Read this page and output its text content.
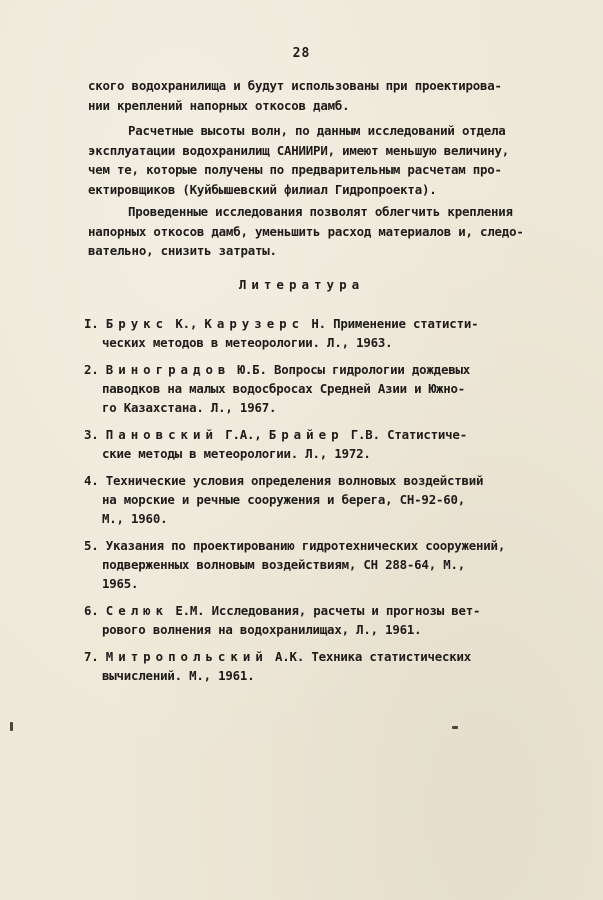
28
ского водохранилища и будут использованы при проектирова-
нии креплений напорных откосов дамб.
Расчетные высоты волн, по данным исследований отдела
эксплуатации водохранилищ САНИИРИ, имеют меньшую величину,
чем те, которые получены по предварительным расчетам про-
ектировщиков (Куйбышевский филиал Гидропроекта).
Проведенные исследования позволят облегчить крепления
напорных откосов дамб, уменьшить расход материалов и, следо-
вательно, снизить затраты.
Литература
I. Брукс К., Карузерс Н. Применение статисти-
ческих методов в метеорологии. Л., 1963.
2. Виноградов Ю.Б. Вопросы гидрологии дождевых
паводков на малых водосбросах Средней Азии и Южно-
го Казахстана. Л., 1967.
3. Пановский Г.А., Брайер Г.В. Статистиче-
ские методы в метеорологии. Л., 1972.
4. Технические условия определения волновых воздействий
на морские и речные сооружения и берега, СН-92-60,
М., 1960.
5. Указания по проектированию гидротехнических сооружений,
подверженных волновым воздействиям, СН 288-64, М.,
1965.
6. Селюк Е.М. Исследования, расчеты и прогнозы вет-
рового волнения на водохранилищах, Л., 1961.
7. Митропольский А.К. Техника статистических
вычислений. М., 1961.
